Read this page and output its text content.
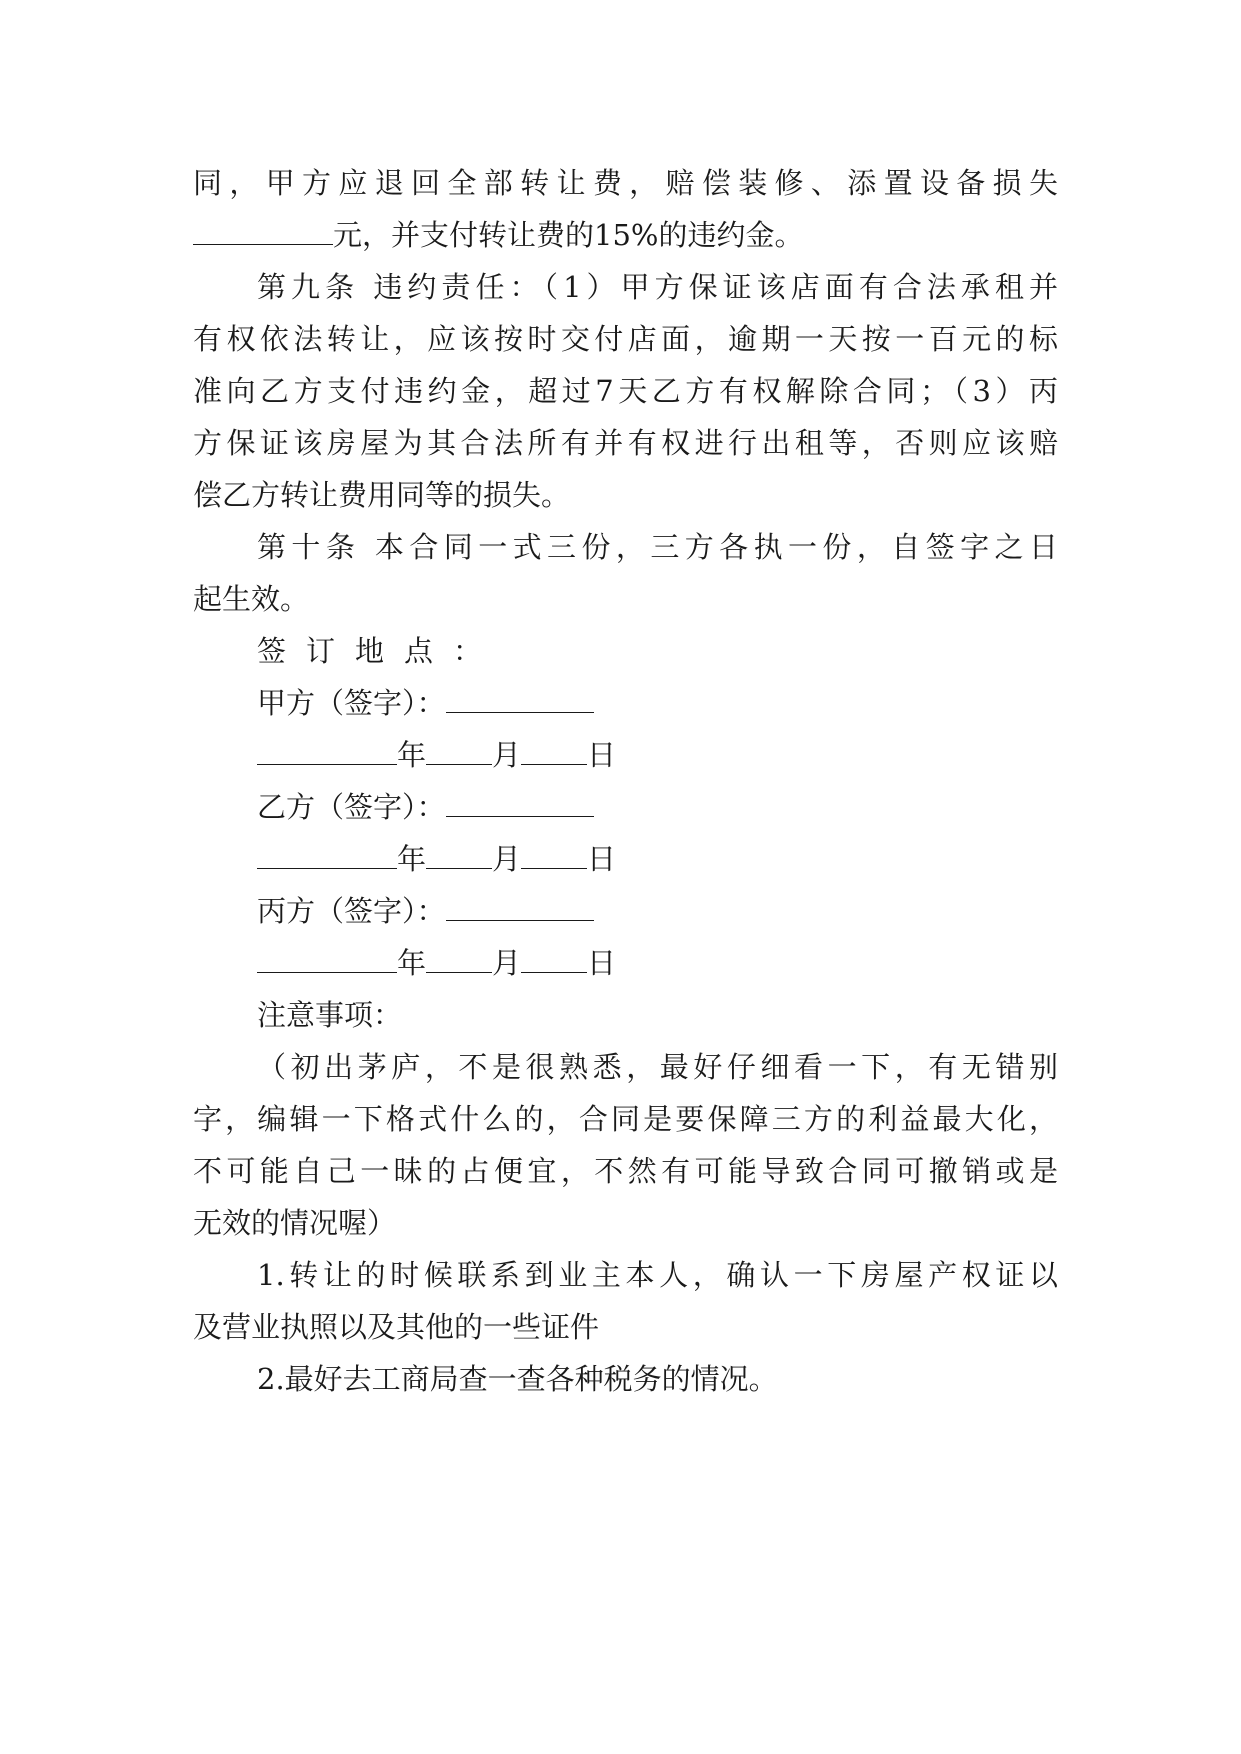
同，甲方应退回全部转让费，赔偿装修、添置设备损失
元，并支付转让费的15%的违约金。
第九条 违约责任：（1）甲方保证该店面有合法承租并
有权依法转让，应该按时交付店面，逾期一天按一百元的标
准向乙方支付违约金，超过7天乙方有权解除合同；（3）丙
方保证该房屋为其合法所有并有权进行出租等，否则应该赔
偿乙方转让费用同等的损失。
第十条 本合同一式三份，三方各执一份，自签字之日
起生效。
签订地点：
甲方（签字）：
年 月 日
乙方（签字）：
年 月 日
丙方（签字）：
年 月 日
注意事项：
（初出茅庐，不是很熟悉，最好仔细看一下，有无错别
字，编辑一下格式什么的，合同是要保障三方的利益最大化，
不可能自己一昧的占便宜，不然有可能导致合同可撤销或是
无效的情况喔）
1.转让的时候联系到业主本人，确认一下房屋产权证以
及营业执照以及其他的一些证件
2.最好去工商局查一查各种税务的情况。
